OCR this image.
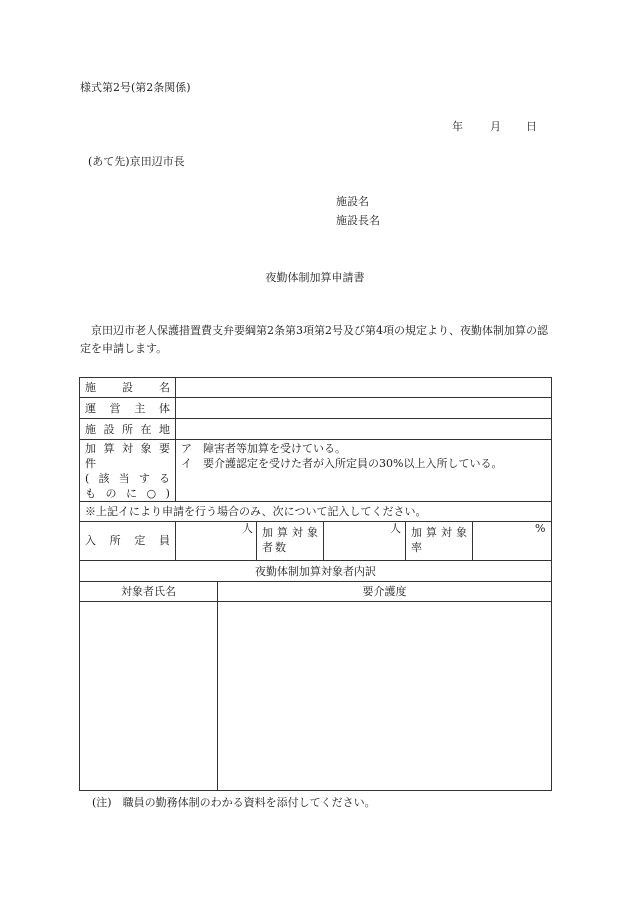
様式第2号(第2条関係)
年 月 日
(あて先)京田辺市長
施設名
施設長名
夜勤体制加算申請書
京田辺市老人保護措置費支弁要綱第2条第3項第2号及び第4項の規定より、夜勤体制加算の認定を申請します。
施 設 名
運 営 主 体
施 設 所 在 地
加 算 対 象 要
件
( 該 当 す る
も の に ○ )
ア　障害者等加算を受けている。
イ　要介護認定を受けた者が入所定員の30%以上入所している。
※上記イにより申請を行う場合のみ、次について記入してください。
入 所 定 員
人 加 算 対 象
者 数
人 加 算 対 象
率
%
夜勤体制加算対象者内訳
対象者氏名	要介護度
(注)　職員の勤務体制のわかる資料を添付してください。
